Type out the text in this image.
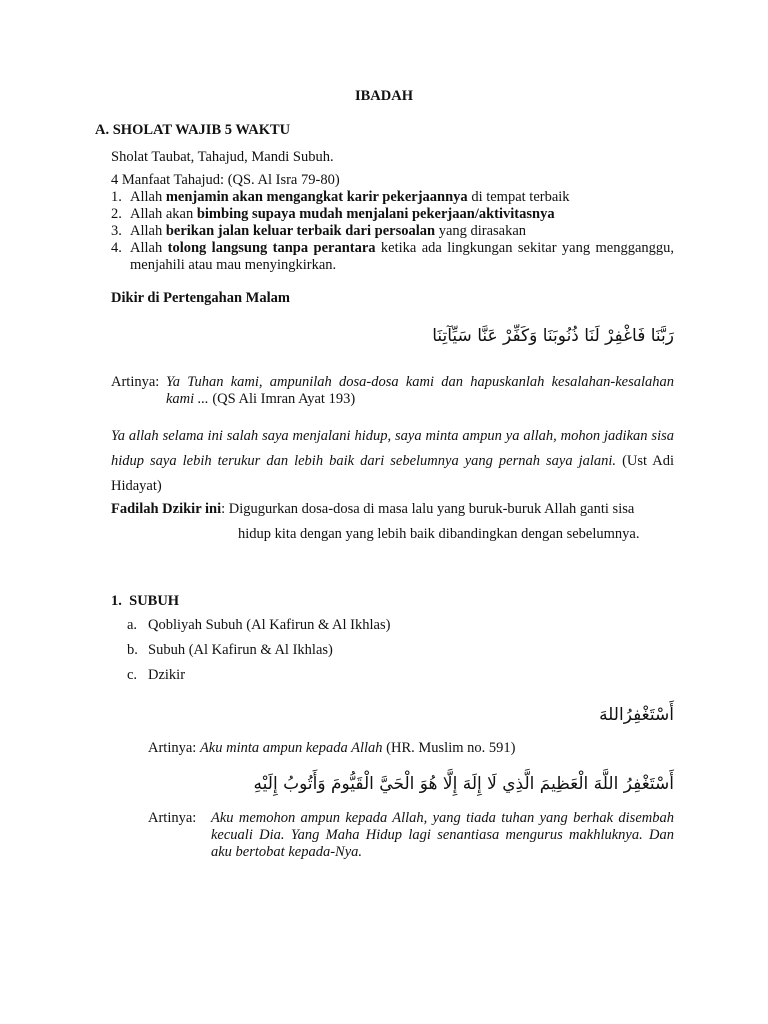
IBADAH
A. SHOLAT WAJIB 5 WAKTU
Sholat Taubat, Tahajud, Mandi Subuh.
4 Manfaat Tahajud: (QS. Al Isra 79-80)
1. Allah menjamin akan mengangkat karir pekerjaannya di tempat terbaik
2. Allah akan bimbing supaya mudah menjalani pekerjaan/aktivitasnya
3. Allah berikan jalan keluar terbaik dari persoalan yang dirasakan
4. Allah tolong langsung tanpa perantara ketika ada lingkungan sekitar yang mengganggu, menjahili atau mau menyingkirkan.
Dikir di Pertengahan Malam
رَبَّنَا فَاغْفِرْ لَنَا ذُنُوبَنَا وَكَفِّرْ عَنَّا سَيِّآتِنَا
Artinya: Ya Tuhan kami, ampunilah dosa-dosa kami dan hapuskanlah kesalahan-kesalahan kami ... (QS Ali Imran Ayat 193)
Ya allah selama ini salah saya menjalani hidup, saya minta ampun ya allah, mohon jadikan sisa hidup saya lebih terukur dan lebih baik dari sebelumnya yang pernah saya jalani. (Ust Adi Hidayat)
Fadilah Dzikir ini: Digugurkan dosa-dosa di masa lalu yang buruk-buruk Allah ganti sisa
hidup kita dengan yang lebih baik dibandingkan dengan sebelumnya.
1.  SUBUH
a. Qobliyah Subuh (Al Kafirun & Al Ikhlas)
b. Subuh (Al Kafirun & Al Ikhlas)
c. Dzikir
أَسْتَغْفِرُاللهَ
Artinya: Aku minta ampun kepada Allah (HR. Muslim no. 591)
أَسْتَغْفِرُ اللَّهَ الْعَظِيمَ الَّذِي لَا إِلَهَ إِلَّا هُوَ الْحَيَّ الْقَيُّومَ وَأَتُوبُ إِلَيْهِ
Artinya: Aku memohon ampun kepada Allah, yang tiada tuhan yang berhak disembah kecuali Dia. Yang Maha Hidup lagi senantiasa mengurus makhluknya. Dan aku bertobat kepada-Nya.
